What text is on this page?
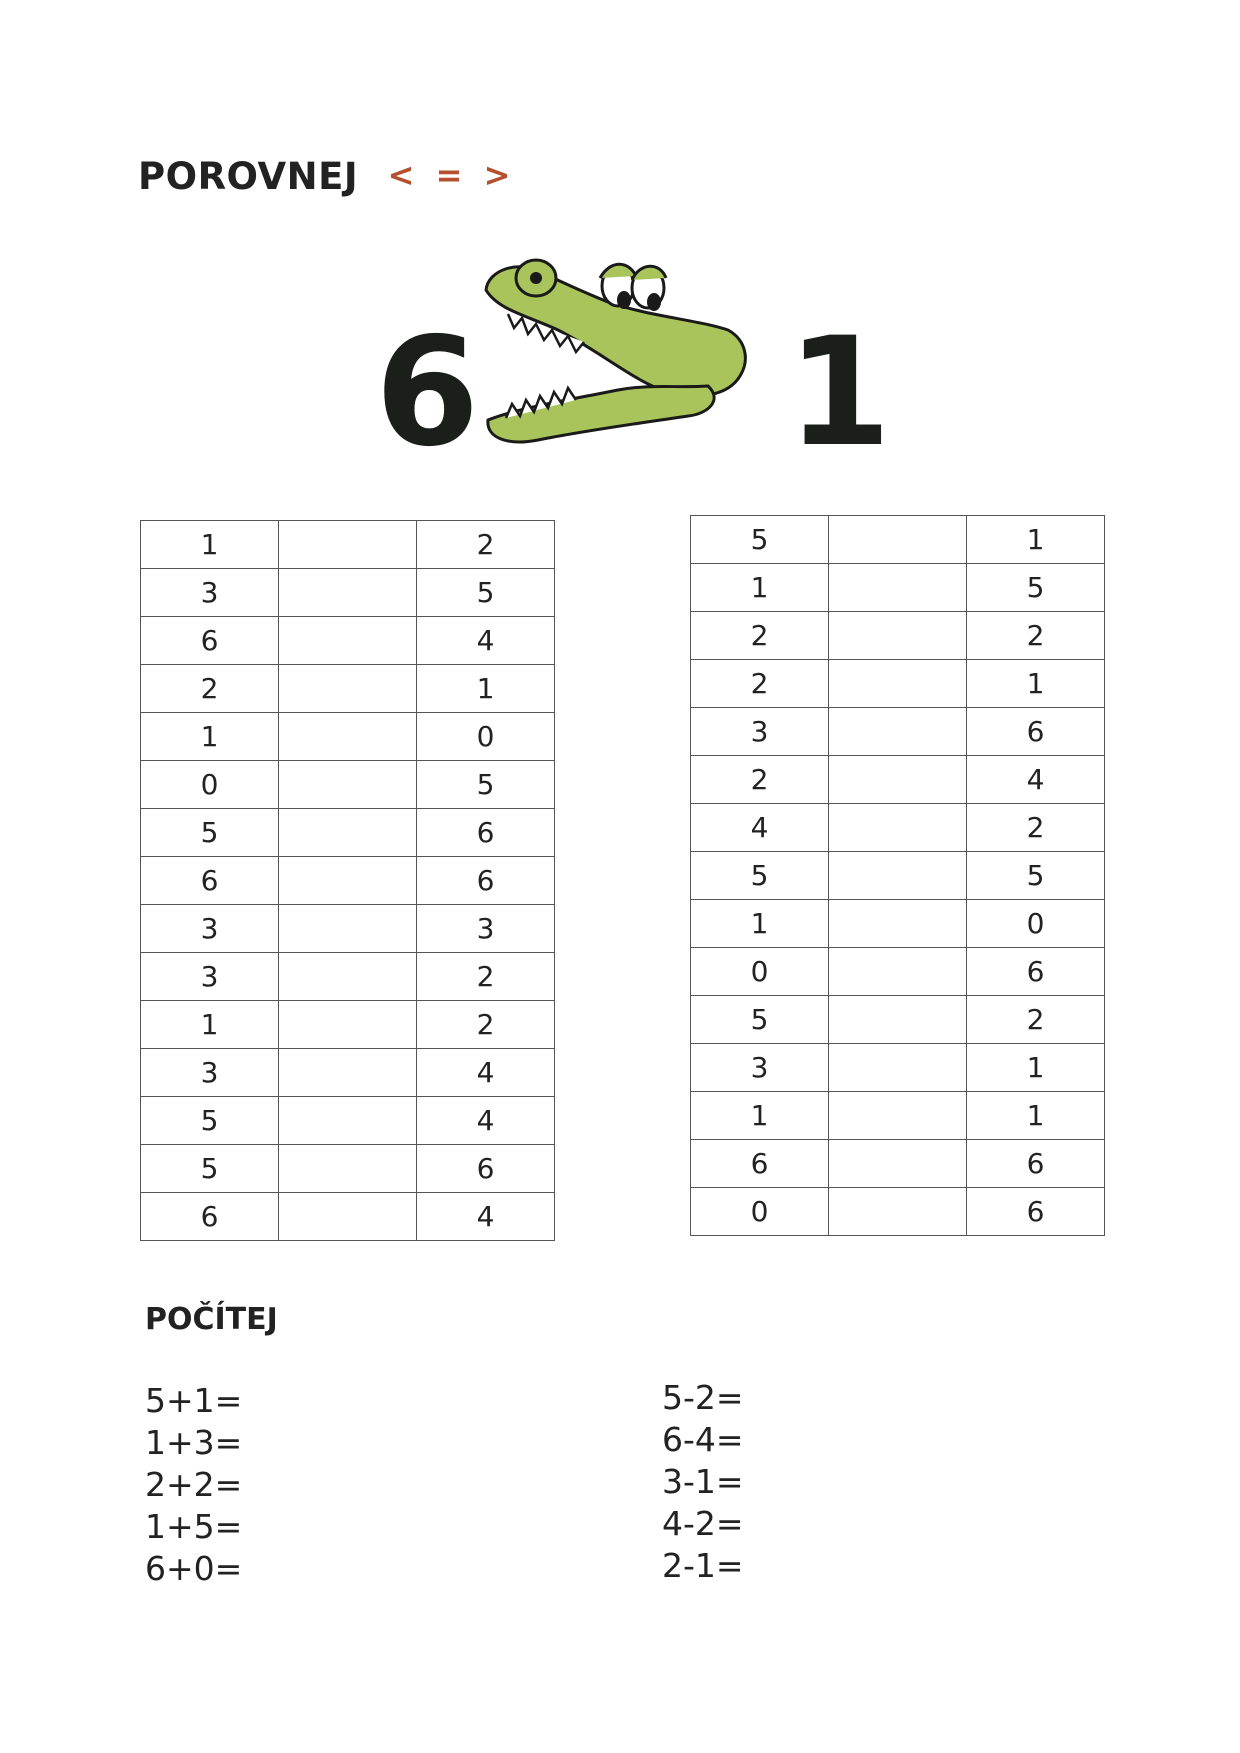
POROVNEJ < = >
6 1
1		2
3		5
6		4
2		1
1		0
0		5
5		6
6		6
3		3
3		2
1		2
3		4
5		4
5		6
6		4
5		1
1		5
2		2
2		1
3		6
2		4
4		2
5		5
1		0
0		6
5		2
3		1
1		1
6		6
0		6
POČÍTEJ
5+1=
1+3=
2+2=
1+5=
6+0=
5-2=
6-4=
3-1=
4-2=
2-1=
